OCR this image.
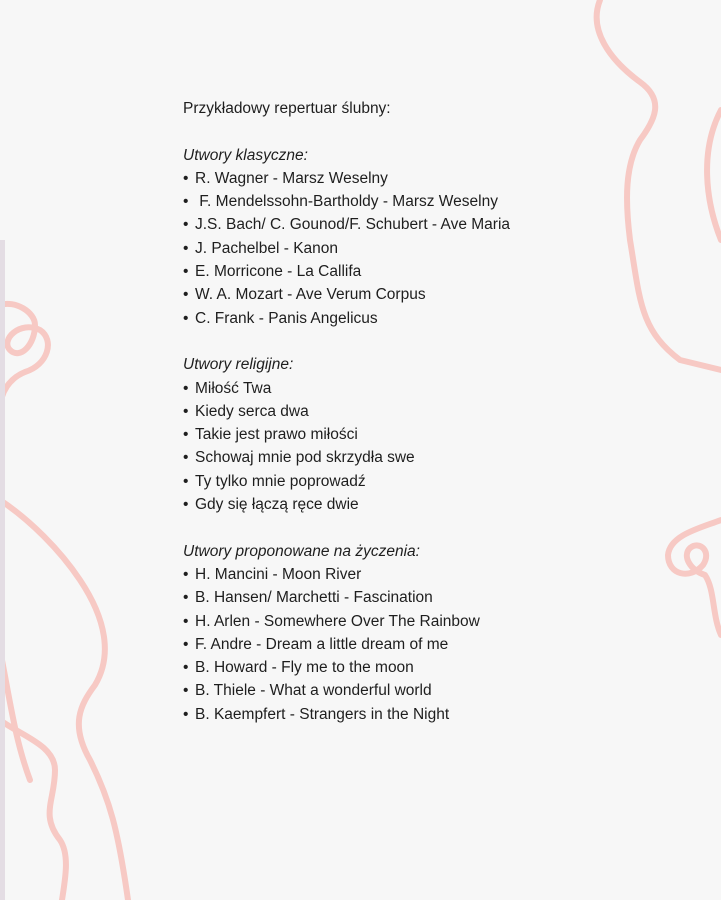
Przykładowy repertuar ślubny:

Utwory klasyczne:

• R. Wagner - Marsz Weselny
• F. Mendelssohn-Bartholdy - Marsz Weselny
• J.S. Bach/ C. Gounod/F. Schubert - Ave Maria
• J. Pachelbel - Kanon
• E. Morricone - La Callifa
• W. A. Mozart - Ave Verum Corpus
• C. Frank - Panis Angelicus

Utwory religijne:

• Miłość Twa
• Kiedy serca dwa
• Takie jest prawo miłości
• Schowaj mnie pod skrzydła swe
• Ty tylko mnie poprowadź
• Gdy się łączą ręce dwie

Utwory proponowane na życzenia:

• H. Mancini - Moon River
• B. Hansen/ Marchetti - Fascination
• H. Arlen - Somewhere Over The Rainbow
• F. Andre - Dream a little dream of me
• B. Howard - Fly me to the moon
• B. Thiele - What a wonderful world
• B. Kaempfert - Strangers in the Night
